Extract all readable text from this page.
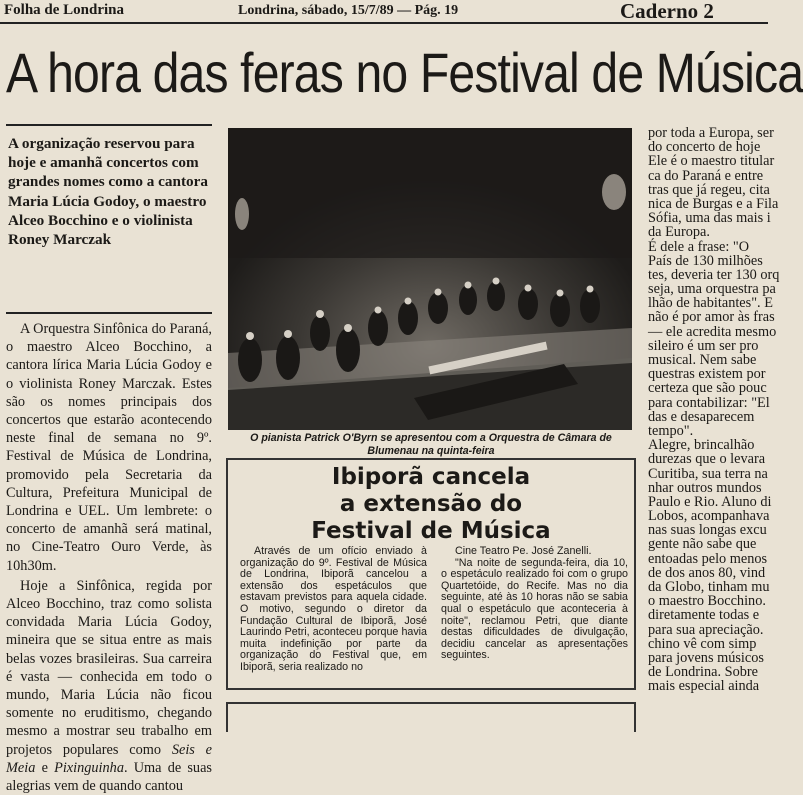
Folha de Londrina	Londrina, sábado, 15/7/89 — Pág. 19	Caderno 2
A hora das feras no Festival de Música
A organização reservou para hoje e amanhã concertos com grandes nomes como a cantora Maria Lúcia Godoy, o maestro Alceo Bocchino e o violinista Roney Marczak

A Orquestra Sinfônica do Paraná, o maestro Alceo Bocchino, a cantora lírica Maria Lúcia Godoy e o violinista Roney Marczak. Estes são os nomes principais dos concertos que estarão acontecendo neste final de semana no 9º. Festival de Música de Londrina, promovido pela Secretaria da Cultura, Prefeitura Municipal de Londrina e UEL. Um lembrete: o concerto de amanhã será matinal, no Cine-Teatro Ouro Verde, às 10h30m.

Hoje a Sinfônica, regida por Alceo Bocchino, traz como solista convidada Maria Lúcia Godoy, mineira que se situa entre as mais belas vozes brasileiras. Sua carreira é vasta — conhecida em todo o mundo, Maria Lúcia não ficou somente no eruditismo, chegando mesmo a mostrar seu trabalho em projetos populares como Seis e Meia e Pixinguinha. Uma de suas alegrias vem de quando cantou

O pianista Patrick O'Byrn se apresentou com a Orquestra de Câmara de Blumenau na quinta-feira
Ibiporã cancela
a extensão do
Festival de Música

Através de um ofício enviado à organização do 9º. Festival de Música de Londrina, Ibiporã cancelou a extensão dos espetáculos que estavam previstos para aquela cidade. O motivo, segundo o diretor da Fundação Cultural de Ibiporã, José Laurindo Petri, aconteceu porque havia muita indefinição por parte da organização do Festival que, em Ibiporã, seria realizado no

Cine Teatro Pe. José Zanelli.

"Na noite de segunda-feira, dia 10, o espetáculo realizado foi com o grupo Quartetóide, do Recife. Mas no dia seguinte, até às 10 horas não se sabia qual o espetáculo que aconteceria à noite", reclamou Petri, que diante destas dificuldades de divulgação, decidiu cancelar as apresentações seguintes.

por toda a Europa, ser
do concerto de hoje
Ele é o maestro titular
ca do Paraná e entre
tras que já regeu, cita
nica de Burgas e a Fila
Sófia, uma das mais i
da Europa.
É dele a frase: "O
País de 130 milhões
tes, deveria ter 130 orq
seja, uma orquestra pa
lhão de habitantes". E
não é por amor às fras
— ele acredita mesmo
sileiro é um ser pro
musical. Nem sabe
questras existem por
certeza que são pouc
para contabilizar: "El
das e desaparecem
tempo".
Alegre, brincalhão
durezas que o levara
Curitiba, sua terra na
nhar outros mundos
Paulo e Rio. Aluno di
Lobos, acompanhava
nas suas longas excu
gente não sabe que
entoadas pelo menos
de dos anos 80, vind
da Globo, tinham mu
o maestro Bocchino.
diretamente todas e
para sua apreciação.
chino vê com simp
para jovens músicos
de Londrina. Sobre
mais especial ainda
